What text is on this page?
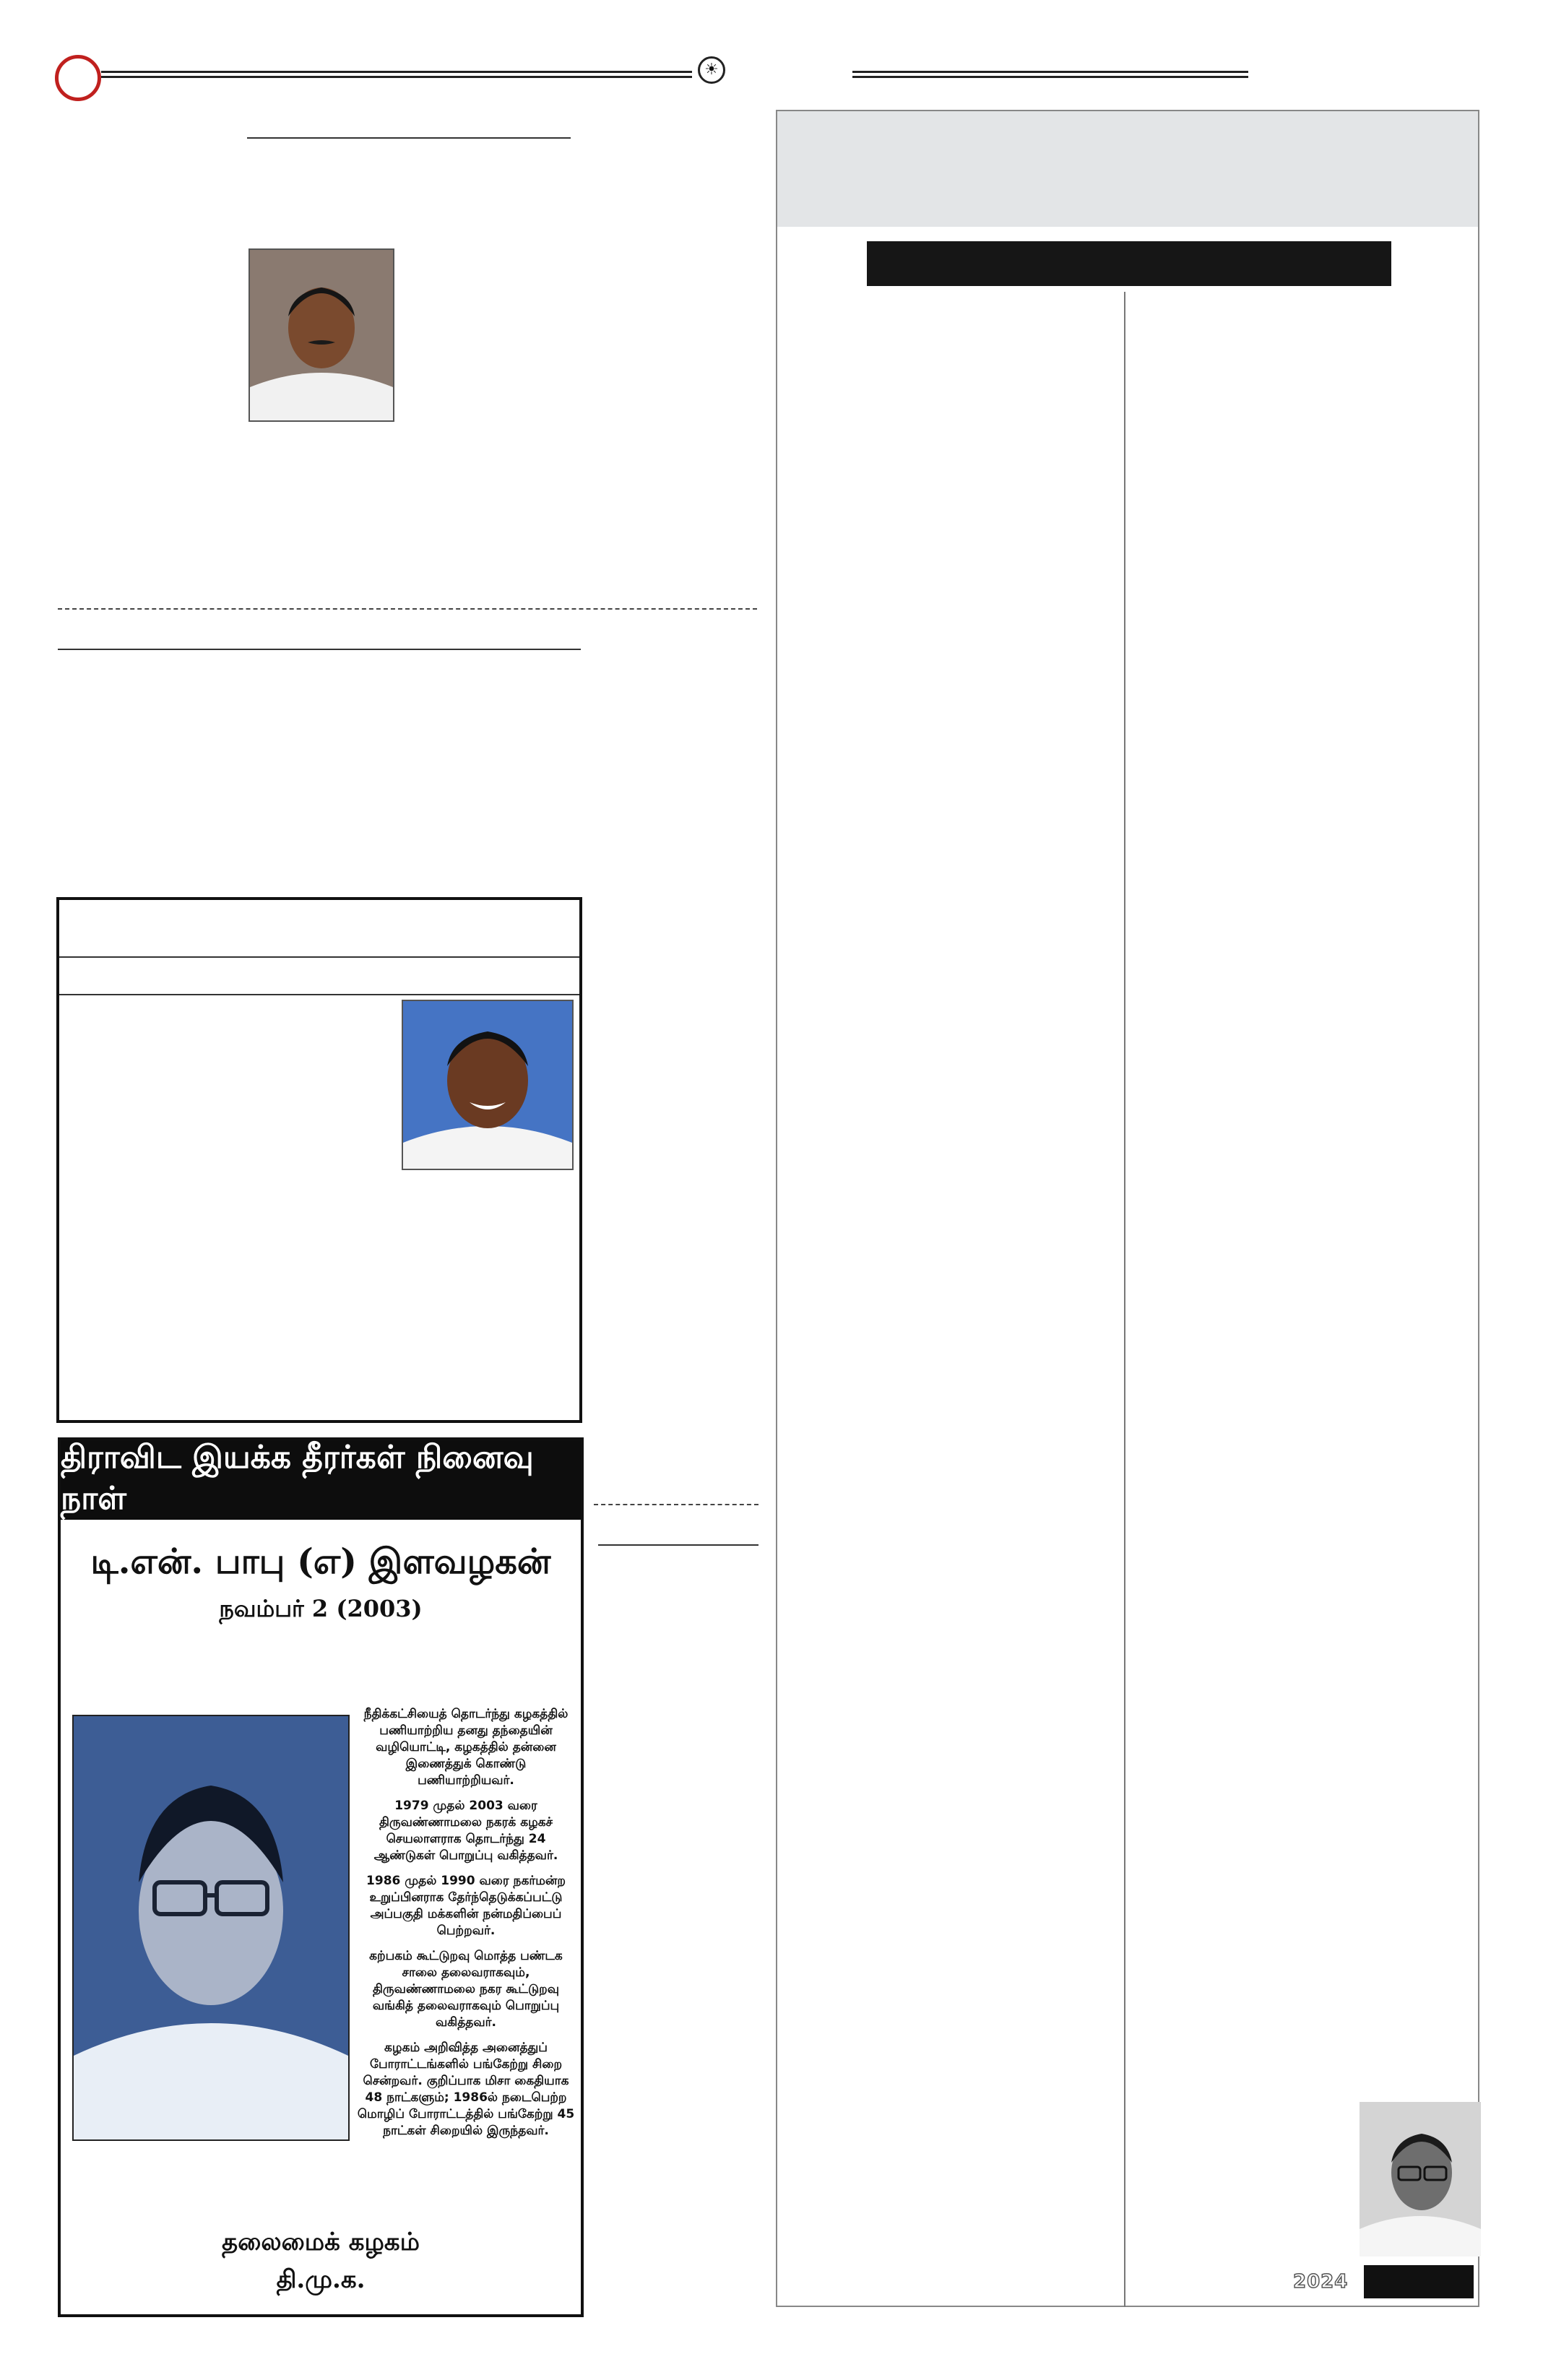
☀
திராவிட இயக்க தீரர்கள் நினைவு நாள்
டி.என். பாபு (எ) இளவழகன்
நவம்பர் 2 (2003)

நீதிக்கட்சியைத் தொடர்ந்து கழகத்தில் பணியாற்றிய தனது தந்தையின் வழியொட்டி, கழகத்தில் தன்னை இணைத்துக் கொண்டு பணியாற்றியவர்.

1979 முதல் 2003 வரை திருவண்ணாமலை நகரக் கழகச் செயலாளராக தொடர்ந்து 24 ஆண்டுகள் பொறுப்பு வகித்தவர்.

1986 முதல் 1990 வரை நகர்மன்ற உறுப்பினராக தேர்ந்தெடுக்கப்பட்டு அப்பகுதி மக்களின் நன்மதிப்பைப் பெற்றவர்.

கற்பகம் கூட்டுறவு மொத்த பண்டக சாலை தலைவராகவும், திருவண்ணாமலை நகர கூட்டுறவு வங்கித் தலைவராகவும் பொறுப்பு வகித்தவர்.

கழகம் அறிவித்த அனைத்துப் போராட்டங்களில் பங்கேற்று சிறை சென்றவர். குறிப்பாக மிசா கைதியாக 48 நாட்களும்; 1986ல் நடைபெற்ற மொழிப் போராட்டத்தில் பங்கேற்று 45 நாட்கள் சிறையில் இருந்தவர்.

தலைமைக் கழகம்
தி.மு.க.	2024
